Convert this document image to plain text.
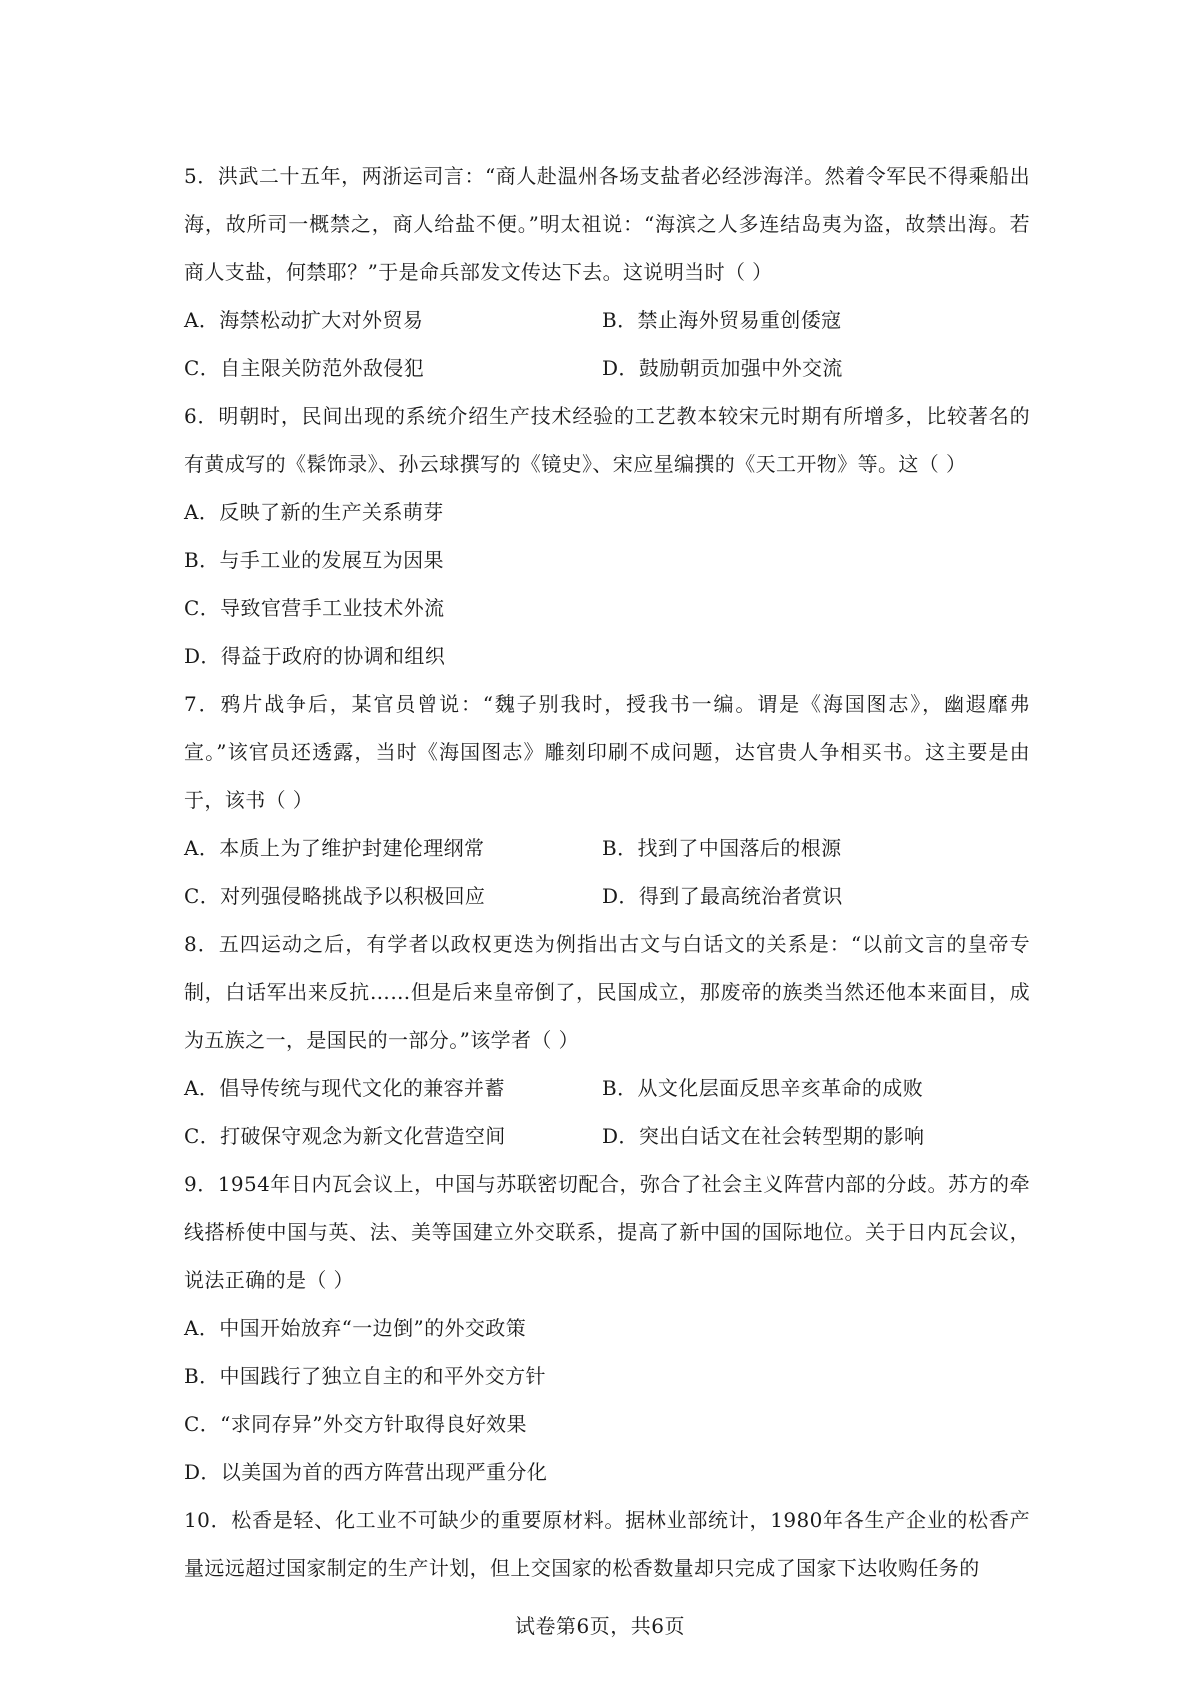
5．洪武二十五年，两浙运司言：“商人赴温州各场支盐者必经涉海洋。然着令军民不得乘船出海，故所司一概禁之，商人给盐不便。”明太祖说：“海滨之人多连结岛夷为盗，故禁出海。若商人支盐，何禁耶？”于是命兵部发文传达下去。这说明当时（ ）

A．海禁松动扩大对外贸易	B．禁止海外贸易重创倭寇
C．自主限关防范外敌侵犯	D．鼓励朝贡加强中外交流

6．明朝时，民间出现的系统介绍生产技术经验的工艺教本较宋元时期有所增多，比较著名的有黄成写的《髹饰录》、孙云球撰写的《镜史》、宋应星编撰的《天工开物》等。这（ ）

A．反映了新的生产关系萌芽

B．与手工业的发展互为因果

C．导致官营手工业技术外流

D．得益于政府的协调和组织

7．鸦片战争后，某官员曾说：“魏子别我时，授我书一编。谓是《海国图志》，幽遐靡弗宣。”该官员还透露，当时《海国图志》雕刻印刷不成问题，达官贵人争相买书。这主要是由于，该书（ ）

A．本质上为了维护封建伦理纲常	B．找到了中国落后的根源
C．对列强侵略挑战予以积极回应	D．得到了最高统治者赏识

8．五四运动之后，有学者以政权更迭为例指出古文与白话文的关系是：“以前文言的皇帝专制，白话军出来反抗……但是后来皇帝倒了，民国成立，那废帝的族类当然还他本来面目，成为五族之一，是国民的一部分。”该学者（ ）

A．倡导传统与现代文化的兼容并蓄	B．从文化层面反思辛亥革命的成败
C．打破保守观念为新文化营造空间	D．突出白话文在社会转型期的影响

9．1954年日内瓦会议上，中国与苏联密切配合，弥合了社会主义阵营内部的分歧。苏方的牵线搭桥使中国与英、法、美等国建立外交联系，提高了新中国的国际地位。关于日内瓦会议，说法正确的是（ ）

A．中国开始放弃“一边倒”的外交政策

B．中国践行了独立自主的和平外交方针

C．“求同存异”外交方针取得良好效果

D．以美国为首的西方阵营出现严重分化

10．松香是轻、化工业不可缺少的重要原材料。据林业部统计，1980年各生产企业的松香产量远远超过国家制定的生产计划，但上交国家的松香数量却只完成了国家下达收购任务的

试卷第6页，共6页
